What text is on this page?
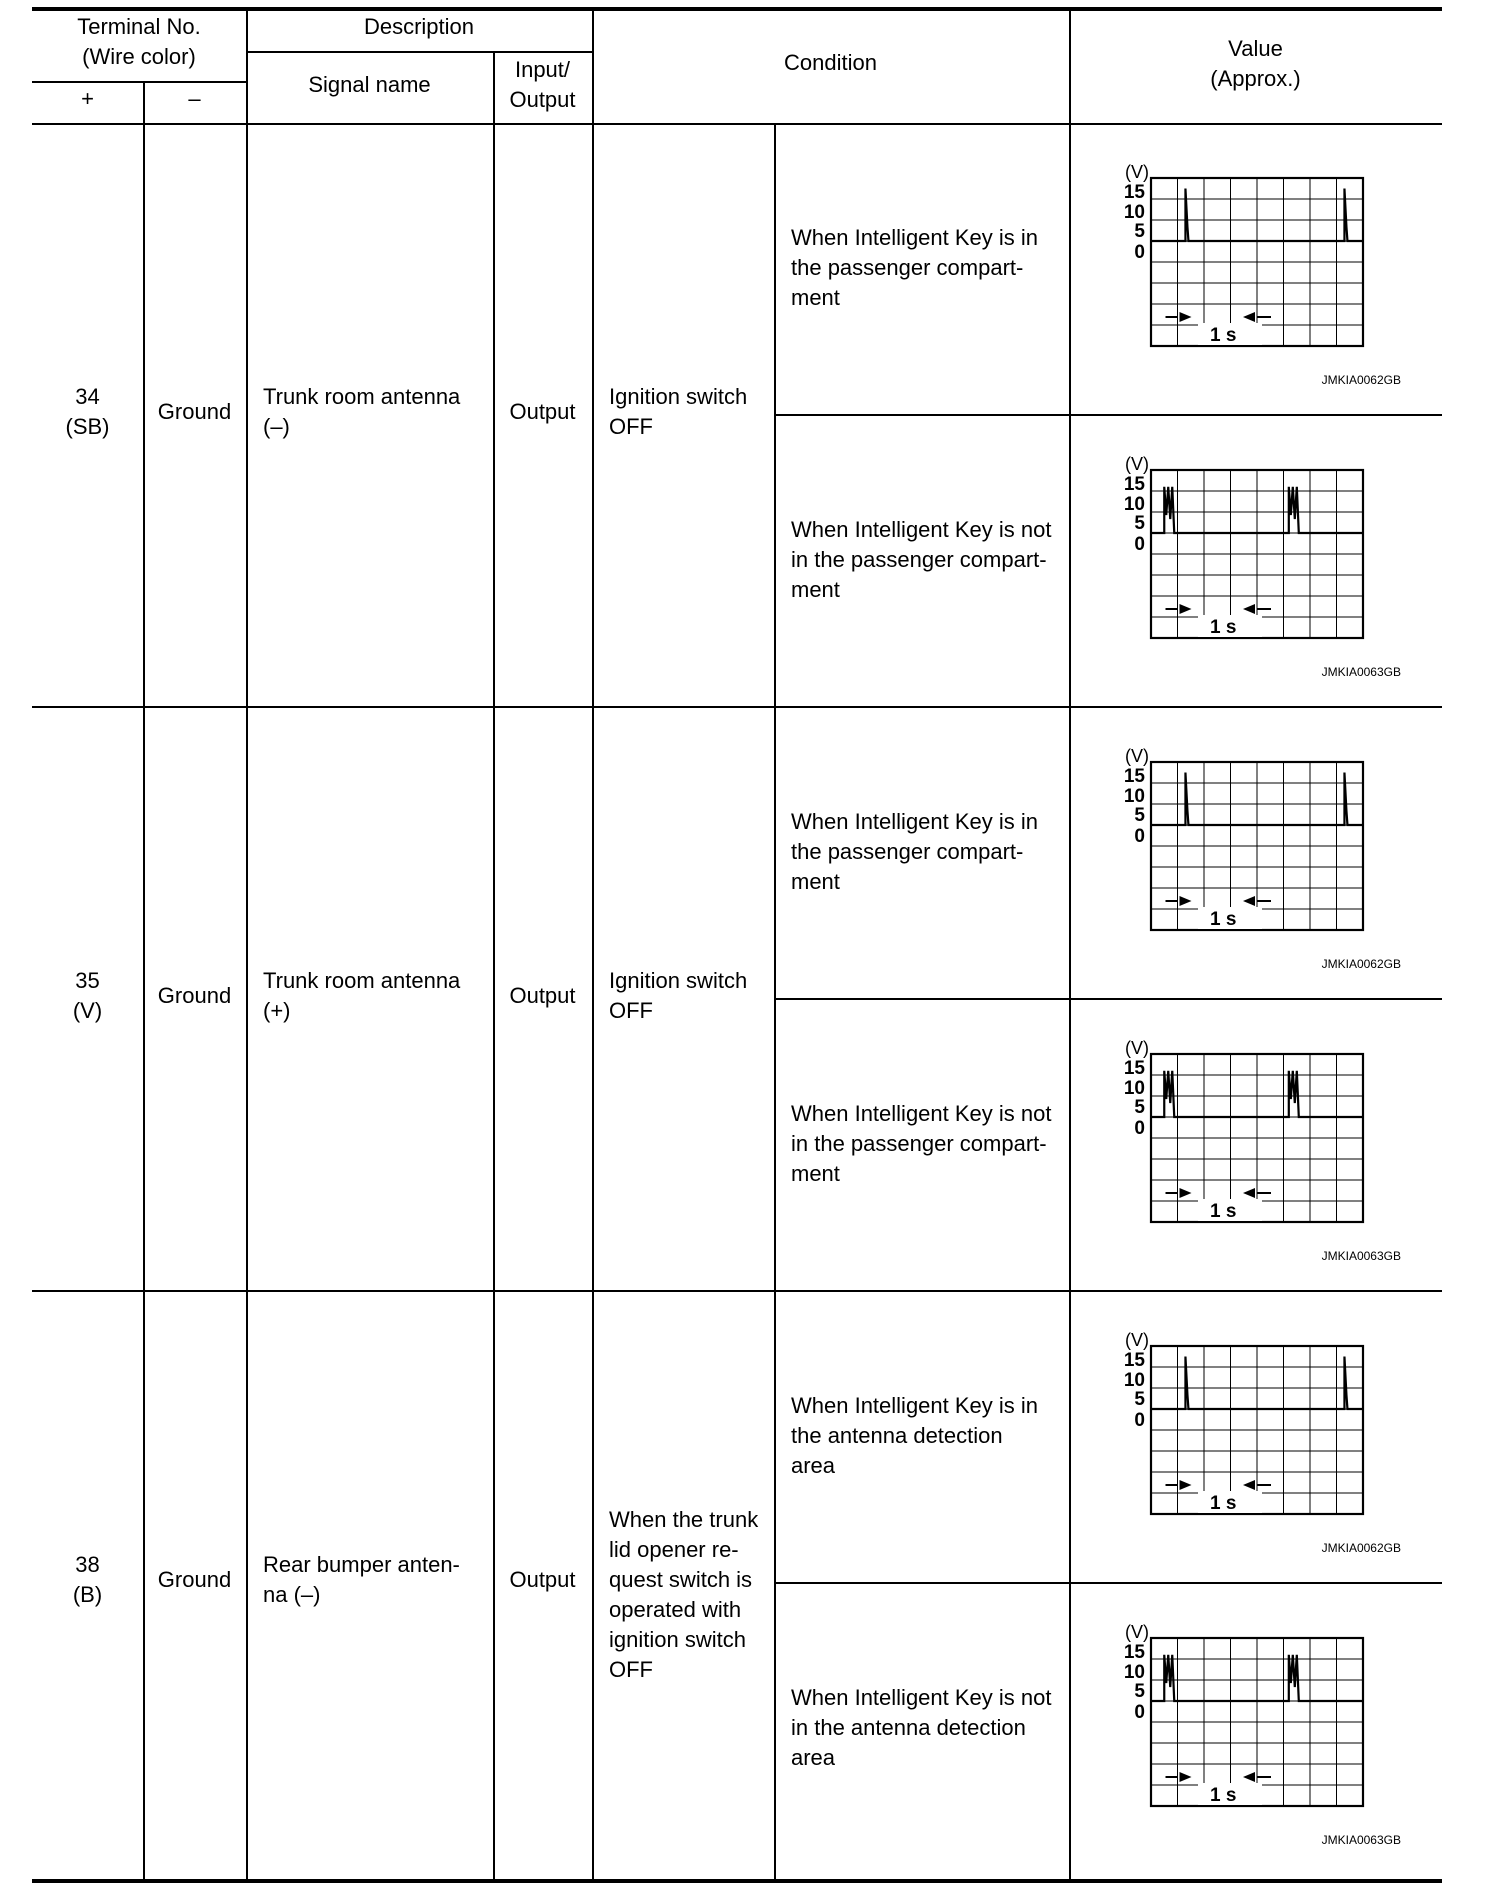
Terminal No.
(Wire color)
+	–
Description
Signal name
Input/
Output
Condition
Value
(Approx.)
34
(SB)
Ground
Trunk room antenna
(–)
Output
Ignition switch
OFF
When Intelligent Key is in
the passenger compart-
ment
When Intelligent Key is not
in the passenger compart-
ment
35
(V)
Ground
Trunk room antenna
(+)
Output
Ignition switch
OFF
When Intelligent Key is in
the passenger compart-
ment
When Intelligent Key is not
in the passenger compart-
ment
38
(B)
Ground
Rear bumper anten-
na (–)
Output
When the trunk
lid opener re-
quest switch is
operated with
ignition switch
OFF
When Intelligent Key is in
the antenna detection
area
When Intelligent Key is not
in the antenna detection
area
(V)
15
10
5
0
1 s
JMKIA0062GB
(V)
15
10
5
0
1 s
JMKIA0063GB
(V)
15
10
5
0
1 s
JMKIA0062GB
(V)
15
10
5
0
1 s
JMKIA0063GB
(V)
15
10
5
0
1 s
JMKIA0062GB
(V)
15
10
5
0
1 s
JMKIA0063GB
